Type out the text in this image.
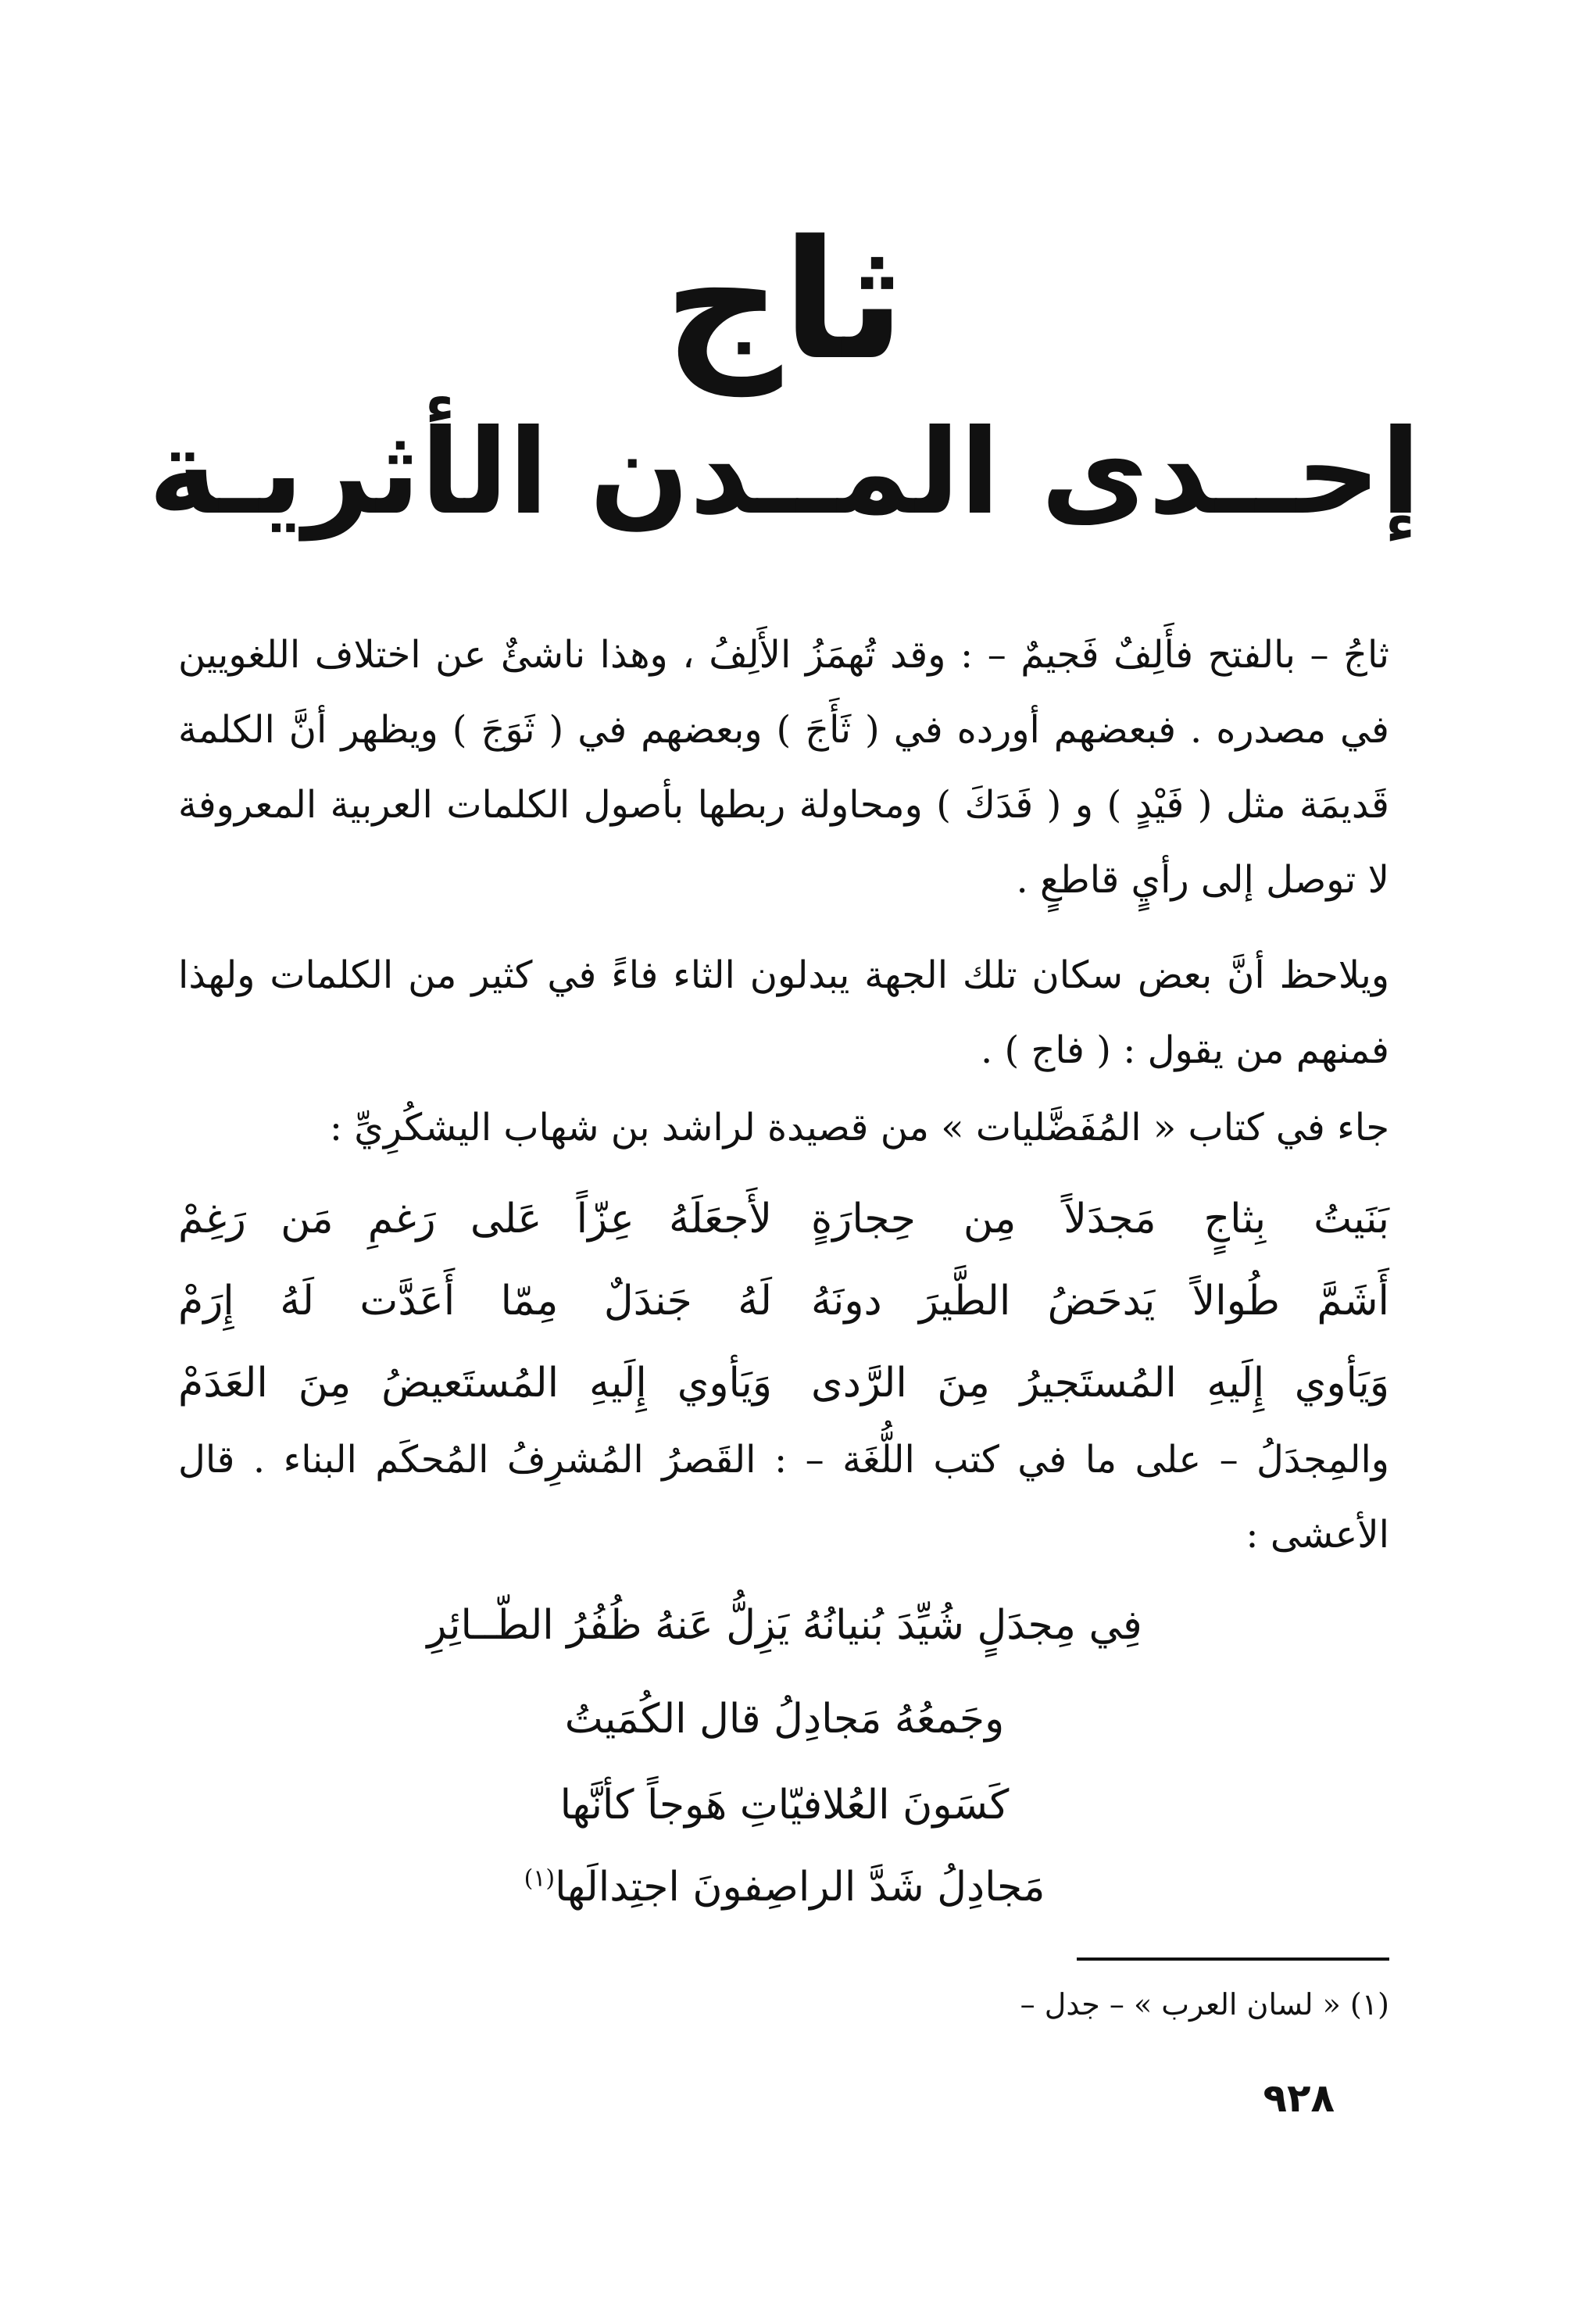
ثاج
إحــدى المــدن الأثريـة
ثاجُ – بالفتح فأَلِفٌ فَجيمٌ – : وقد تُهمَزُ الأَلِفُ ، وهذا ناشئٌ عن اختلاف اللغويين في مصدره . فبعضهم أورده في ( ثَأَجَ ) وبعضهم في ( ثَوَجَ ) ويظهر أنَّ الكلمة قَديمَة مثل ( فَيْدٍ ) و ( فَدَكَ ) ومحاولة ربطها بأصول الكلمات العربية المعروفة لا توصل إلى رأيٍ قاطعٍ .
ويلاحظ أنَّ بعض سكان تلك الجهة يبدلون الثاء فاءً في كثير من الكلمات ولهذا فمنهم من يقول : ( فاج ) .
جاء في كتاب « المُفَضَّليات » من قصيدة لراشد بن شهاب اليشكُرِيِّ :
بَنَيتُ بِثاجٍ مَجدَلاً مِن حِجارَةٍ
لأَجعَلَهُ عِزّاً عَلى رَغمِ مَن رَغِمْ
أَشَمَّ طُوالاً يَدحَضُ الطَّيرَ دونَهُ
لَهُ جَندَلٌ مِمّا أَعَدَّت لَهُ إِرَمْ
وَيَأوي إِلَيهِ المُستَجيرُ مِنَ الرَّدى
وَيَأوي إِلَيهِ المُستَعيضُ مِنَ العَدَمْ
والمِجدَلُ – على ما في كتب اللُّغَة – : القَصرُ المُشرِفُ المُحكَم البناء . قال الأعشى :
فِي مِجدَلٍ شُيِّدَ بُنيانُهُ يَزِلُّ عَنهُ ظُفُرُ الطّــائِرِ
وجَمعُهُ مَجادِلُ قال الكُمَيتُ
كَسَونَ العُلافيّاتِ هَوجاً كأنَّها
مَجادِلُ شَدَّ الراصِفونَ اجتِدالَها$^{(١)}$
(١) « لسان العرب » – جدل –
٩٢٨
